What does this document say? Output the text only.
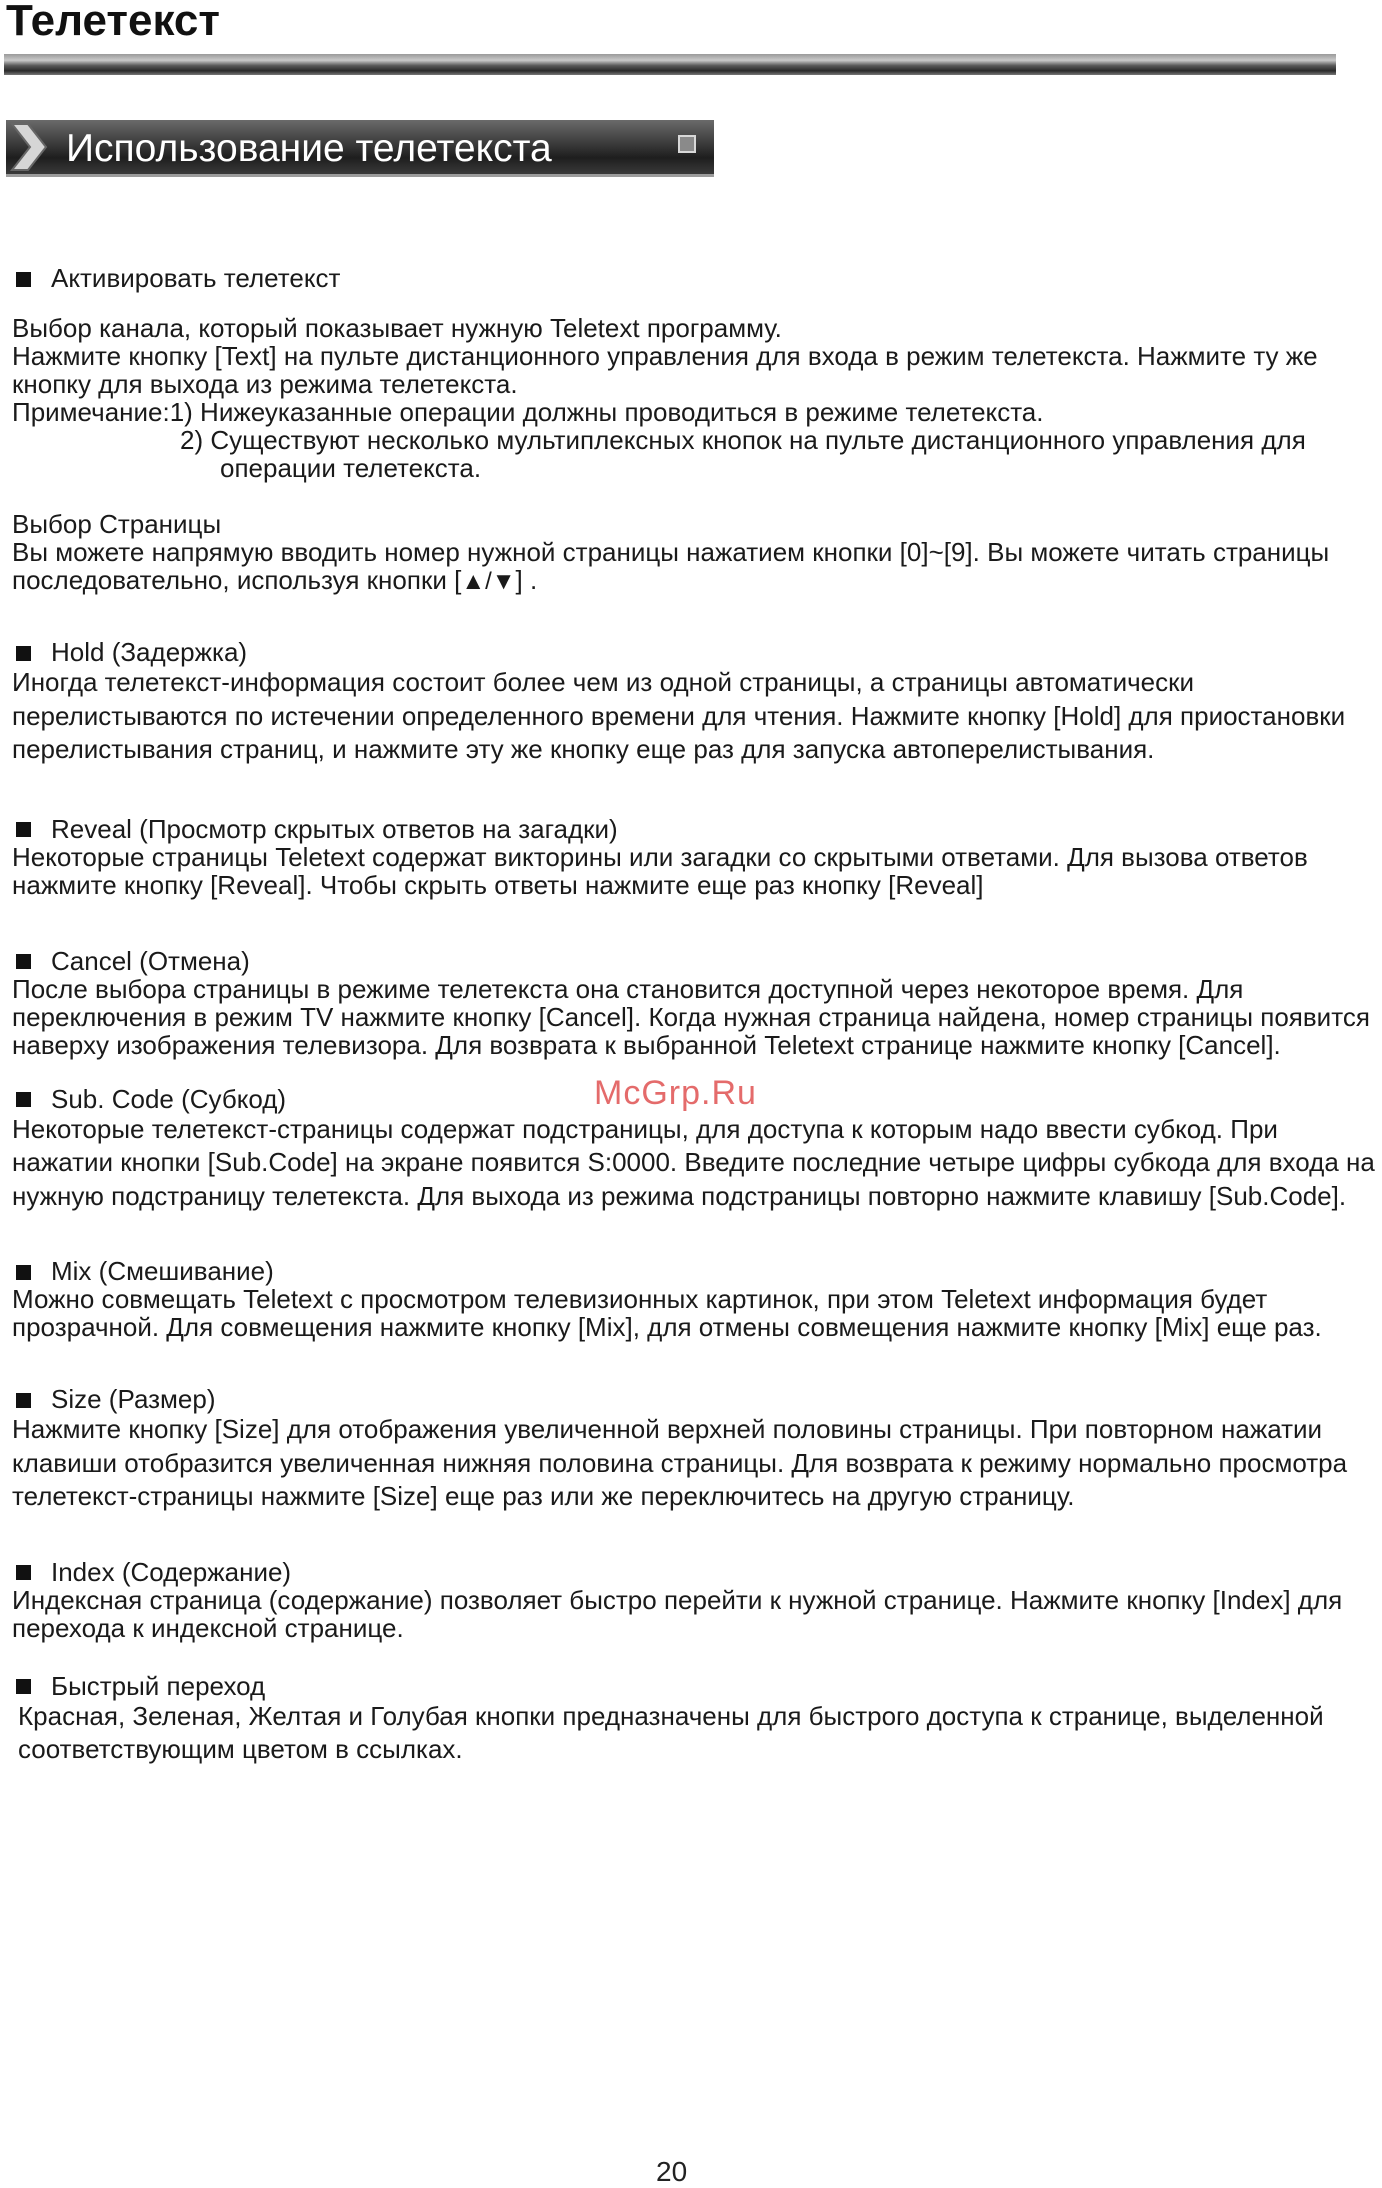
Телетекст
Использование телетекста
Активировать телетекст

Выбор канала, который показывает нужную Teletext программу.

Нажмите кнопку [Text] на пульте дистанционного управления для входа в режим телетекста. Нажмите ту же кнопку для выхода из режима телетекста.

Примечание:1) Нижеуказанные операции должны проводиться в режиме телетекста.

2) Существуют несколько мультиплексных кнопок на пульте дистанционного управления для

операции телетекста.

Выбор Страницы

Вы можете напрямую вводить номер нужной страницы нажатием кнопки [0]~[9]. Вы можете читать страницы последовательно, используя кнопки [▲/▼] .

Hold (Задержка)

Иногда телетекст-информация состоит более чем из одной страницы, а страницы автоматически перелистываются по истечении определенного времени для чтения. Нажмите кнопку [Hold] для приостановки перелистывания страниц, и нажмите эту же кнопку еще раз для запуска автоперелистывания.

Reveal (Просмотр скрытых ответов на загадки)

Некоторые страницы Teletext содержат викторины или загадки со скрытыми ответами. Для вызова ответов нажмите кнопку [Reveal]. Чтобы скрыть ответы нажмите еще раз кнопку [Reveal]

Cancel (Отмена)

После выбора страницы в режиме телетекста она становится доступной через некоторое время. Для переключения в режим TV нажмите кнопку [Cancel]. Когда нужная страница найдена, номер страницы появится наверху изображения телевизора. Для возврата к выбранной Teletext странице нажмите кнопку [Cancel].

Sub. Code (Субкод)

Некоторые телетекст-страницы содержат подстраницы, для доступа к которым надо ввести субкод. При нажатии кнопки [Sub.Code] на экране появится S:0000. Введите последние четыре цифры субкода для входа на нужную подстраницу телетекста. Для выхода из режима подстраницы повторно нажмите клавишу [Sub.Code].

Mix (Смешивание)

Можно совмещать Teletext с просмотром телевизионных картинок, при этом Teletext информация будет прозрачной. Для совмещения нажмите кнопку [Mix], для отмены совмещения нажмите кнопку [Mix] еще раз.

Size (Размер)

Нажмите кнопку [Size] для отображения увеличенной верхней половины страницы. При повторном нажатии клавиши отобразится увеличенная нижняя половина страницы. Для возврата к режиму нормально просмотра телетекст-страницы нажмите [Size] еще раз или же переключитесь на другую страницу.

Index (Содержание)

Индексная страница (содержание) позволяет быстро перейти к нужной странице. Нажмите кнопку [Index] для перехода к индексной странице.

Быстрый переход

Красная, Зеленая, Желтая и Голубая кнопки предназначены для быстрого доступа к странице, выделенной соответствующим цветом в ссылках.

McGrp.Ru
20
